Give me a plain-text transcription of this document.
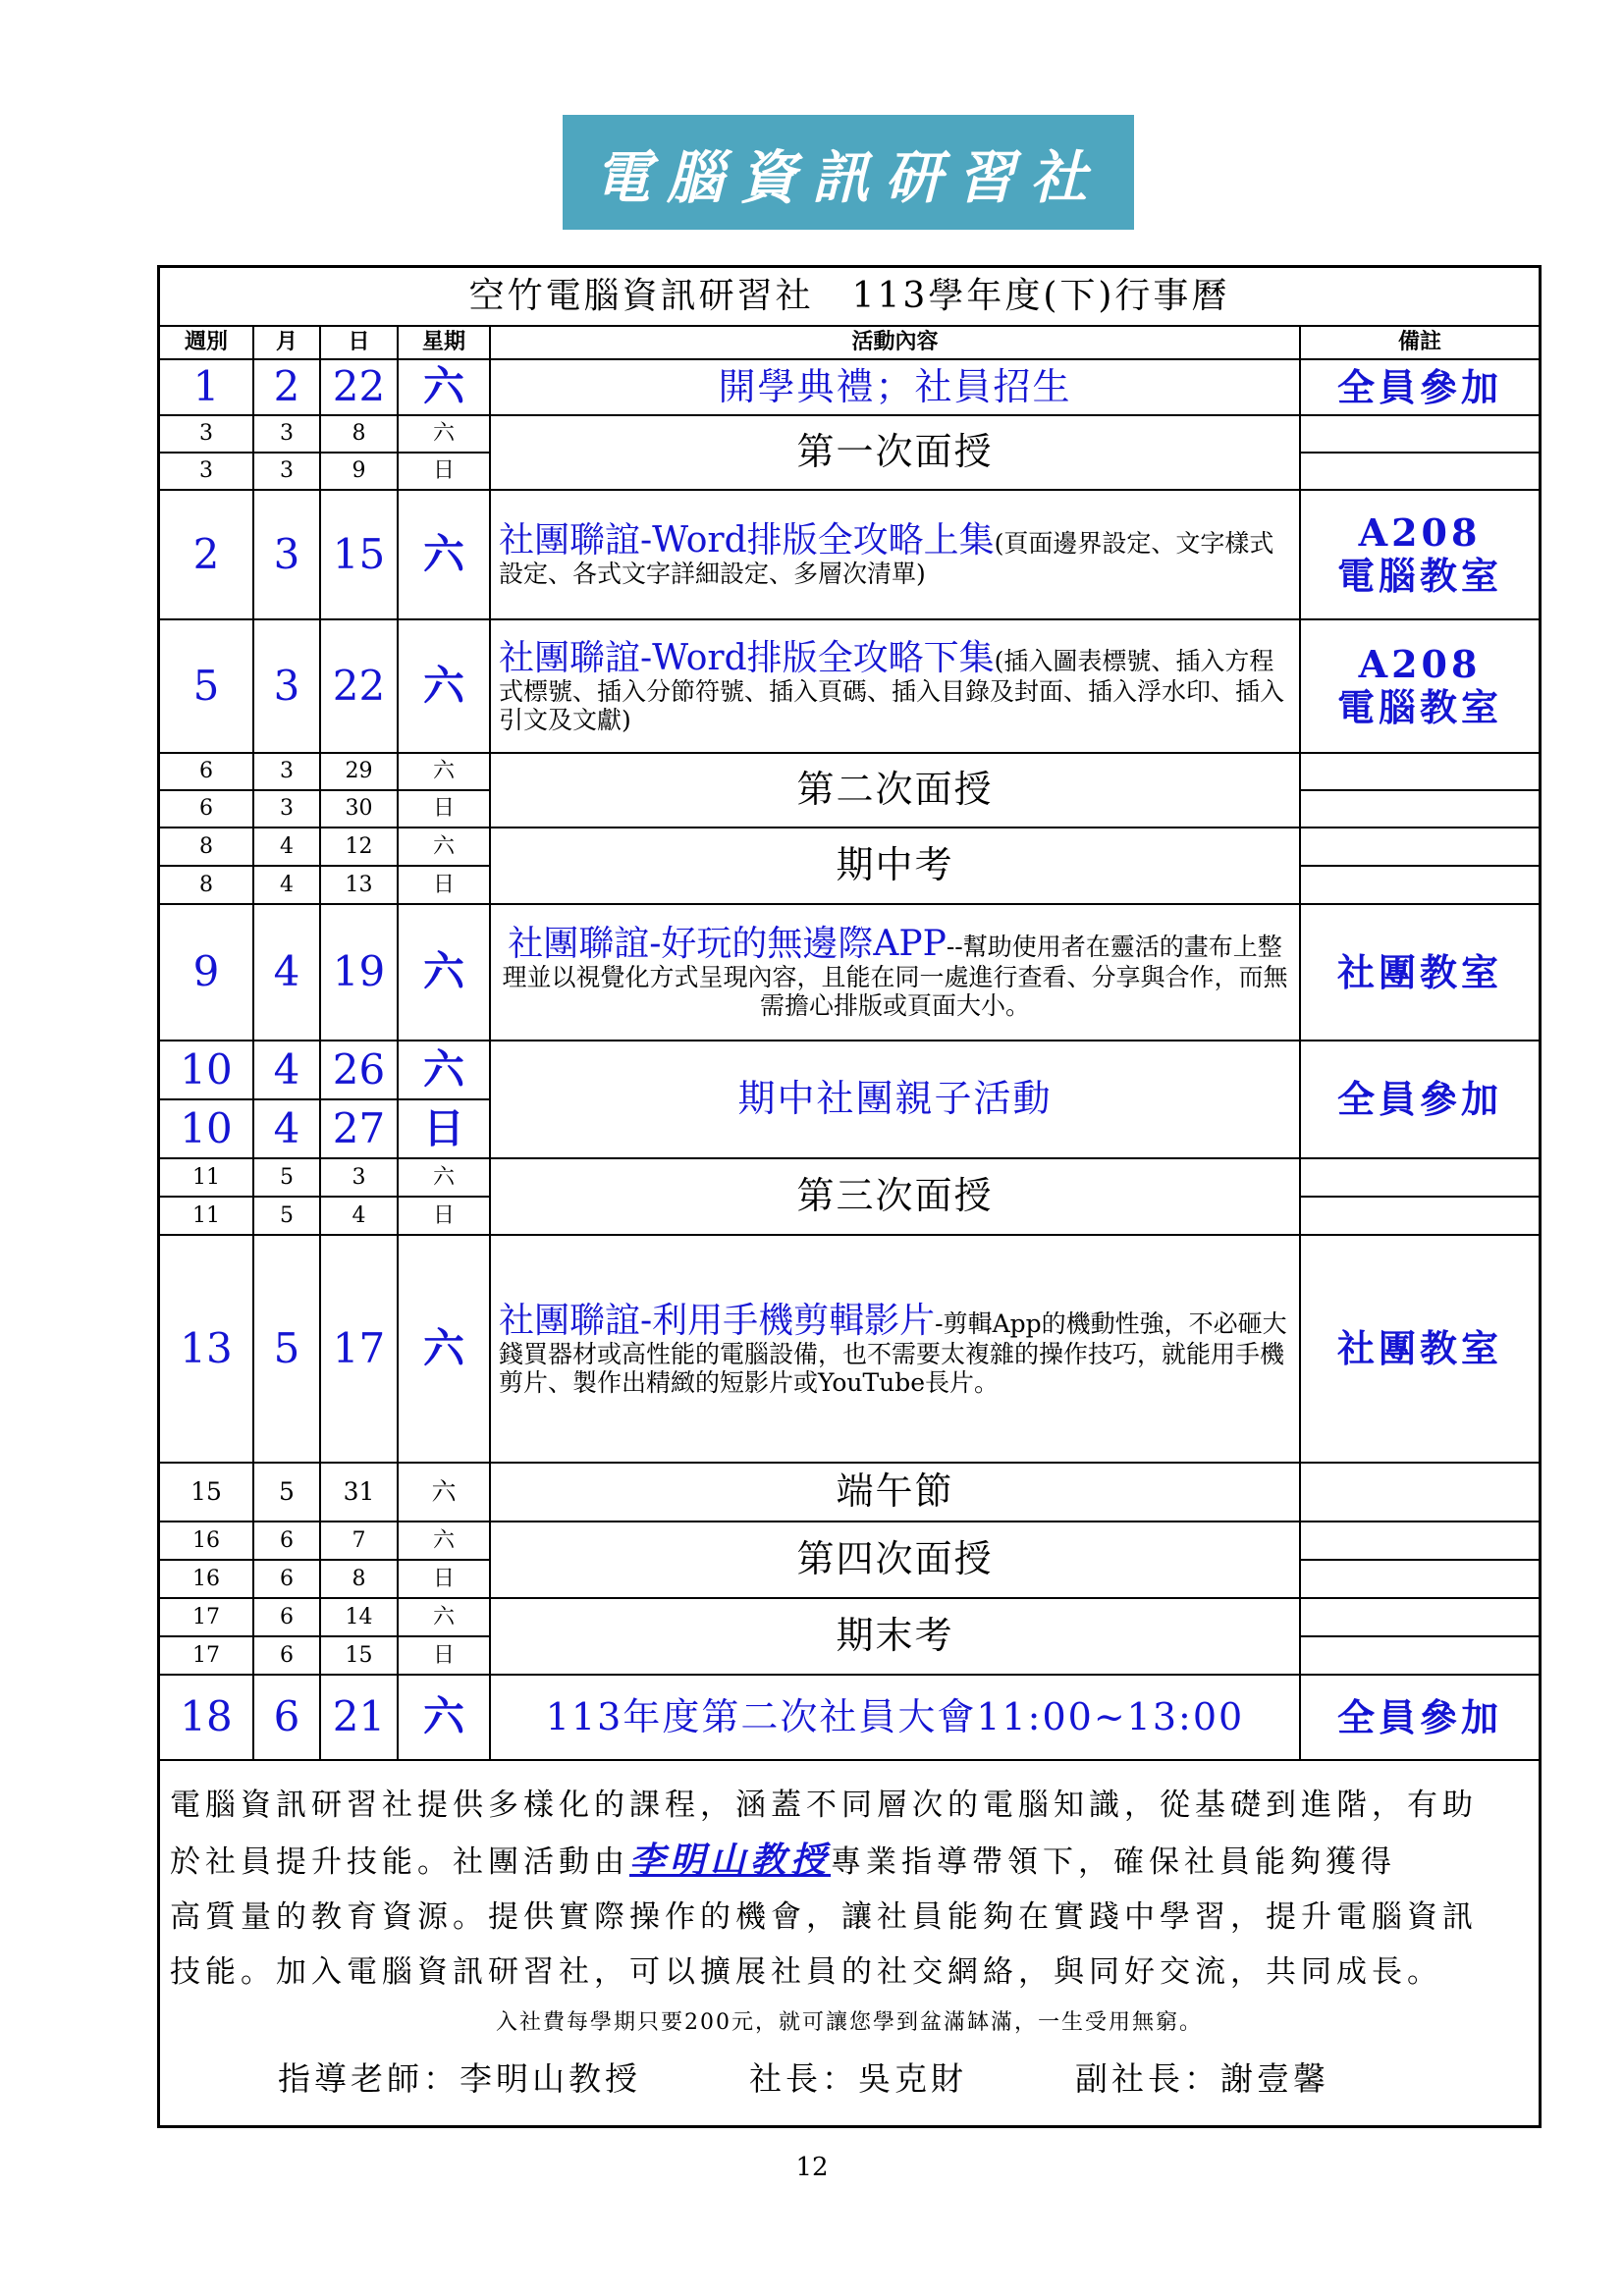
電腦資訊研習社
空竹電腦資訊研習社　113學年度(下)行事曆					
週別	月	日	星期	活動內容	備註
1	2	22	六	開學典禮；社員招生	全員參加
3	3	8	六	第一次面授	
3	3	9	日		
2	3	15	六	社團聯誼-Word排版全攻略上集(頁面邊界設定、文字樣式設定、各式文字詳細設定、多層次清單)	A208
電腦教室

5	3	22	六	社團聯誼-Word排版全攻略下集(插入圖表標號、插入方程式標號、插入分節符號、插入頁碼、插入目錄及封面、插入浮水印、插入引文及文獻)	A208
電腦教室

6	3	29	六	第二次面授	
6	3	30	日		
8	4	12	六	期中考	
8	4	13	日		
9	4	19	六	社團聯誼-好玩的無邊際APP--幫助使用者在靈活的畫布上整理並以視覺化方式呈現內容，且能在同一處進行查看、分享與合作，而無需擔心排版或頁面大小。	社團教室
10	4	26	六	期中社團親子活動	全員參加
10	4	27	日		
11	5	3	六	第三次面授	
11	5	4	日		
13	5	17	六	社團聯誼-利用手機剪輯影片-剪輯App的機動性強，不必砸大錢買器材或高性能的電腦設備，也不需要太複雜的操作技巧，就能用手機剪片、製作出精緻的短影片或YouTube長片。	社團教室
15	5	31	六	端午節	
16	6	7	六	第四次面授	
16	6	8	日		
17	6	14	六	期末考	
17	6	15	日		
18	6	21	六	113年度第二次社員大會11:00~13:00	全員參加
電腦資訊研習社提供多樣化的課程，涵蓋不同層次的電腦知識，從基礎到進階，有助
於社員提升技能。社團活動由李明山教授專業指導帶領下，確保社員能夠獲得
高質量的教育資源。提供實際操作的機會，讓社員能夠在實踐中學習，提升電腦資訊
技能。加入電腦資訊研習社，可以擴展社員的社交網絡，與同好交流，共同成長。
入社費每學期只要200元，就可讓您學到盆滿缽滿，一生受用無窮。
指導老師：李明山教授	社長：吳克財	副社長：謝壹馨
12
